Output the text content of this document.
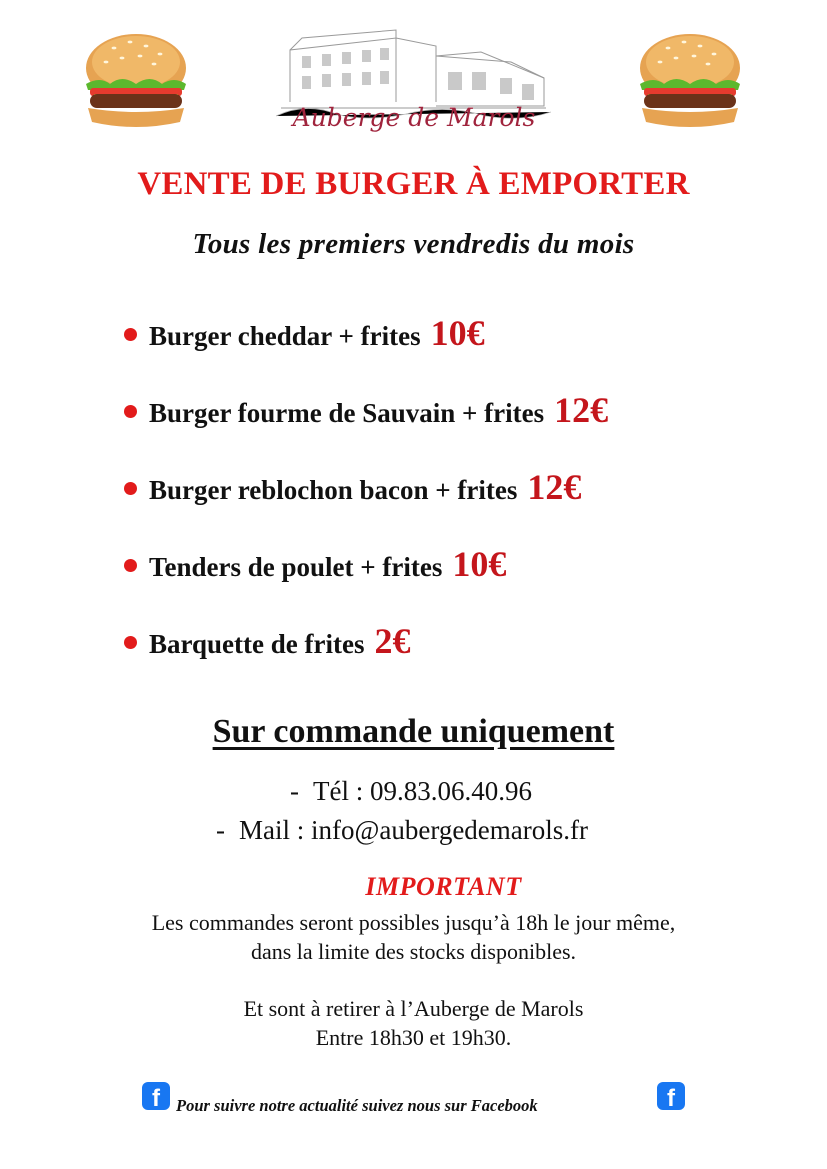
Auberge de Marols
VENTE DE BURGER À EMPORTER
Tous les premiers vendredis du mois
Burger cheddar + frites 10€
Burger fourme de Sauvain + frites 12€
Burger reblochon bacon + frites 12€
Tenders de poulet + frites 10€
Barquette de frites 2€
Sur commande uniquement
- Tél : 09.83.06.40.96
- Mail : info@aubergedemarols.fr
IMPORTANT
Les commandes seront possibles jusqu’à 18h le jour même,
dans la limite des stocks disponibles.
Et sont à retirer à l’Auberge de Marols
Entre 18h30 et 19h30.
f Pour suivre notre actualité suivez nous sur Facebook	f
